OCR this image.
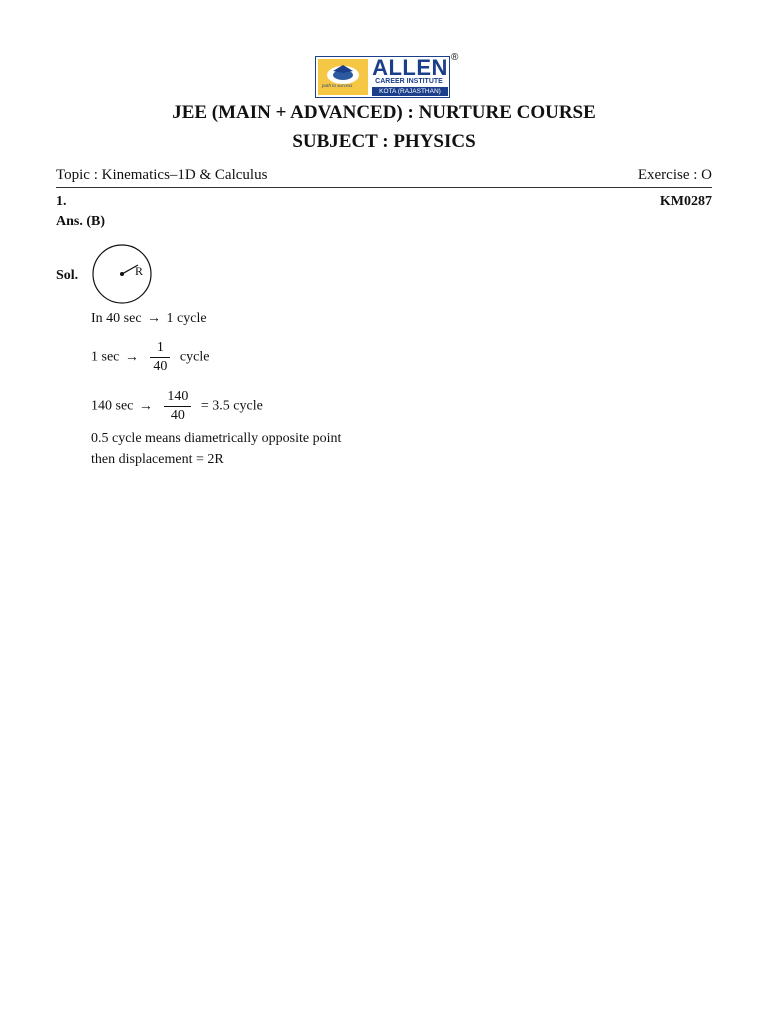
path to success
ALLEN
CAREER INSTITUTE
KOTA (RAJASTHAN)
®
JEE (MAIN + ADVANCED) : NURTURE COURSE
SUBJECT : PHYSICS
Topic : Kinematics–1D & Calculus	Exercise : O
1.	KM0287
Ans. (B)
Sol.	R
In 40 sec → 1 cycle
1 $\sec \to \frac{1}{40}$ cycle
140 $\sec \to \frac{140}{40} = 3.5$ cycle
0.5 cycle means diametrically opposite point
then displacement = 2R
